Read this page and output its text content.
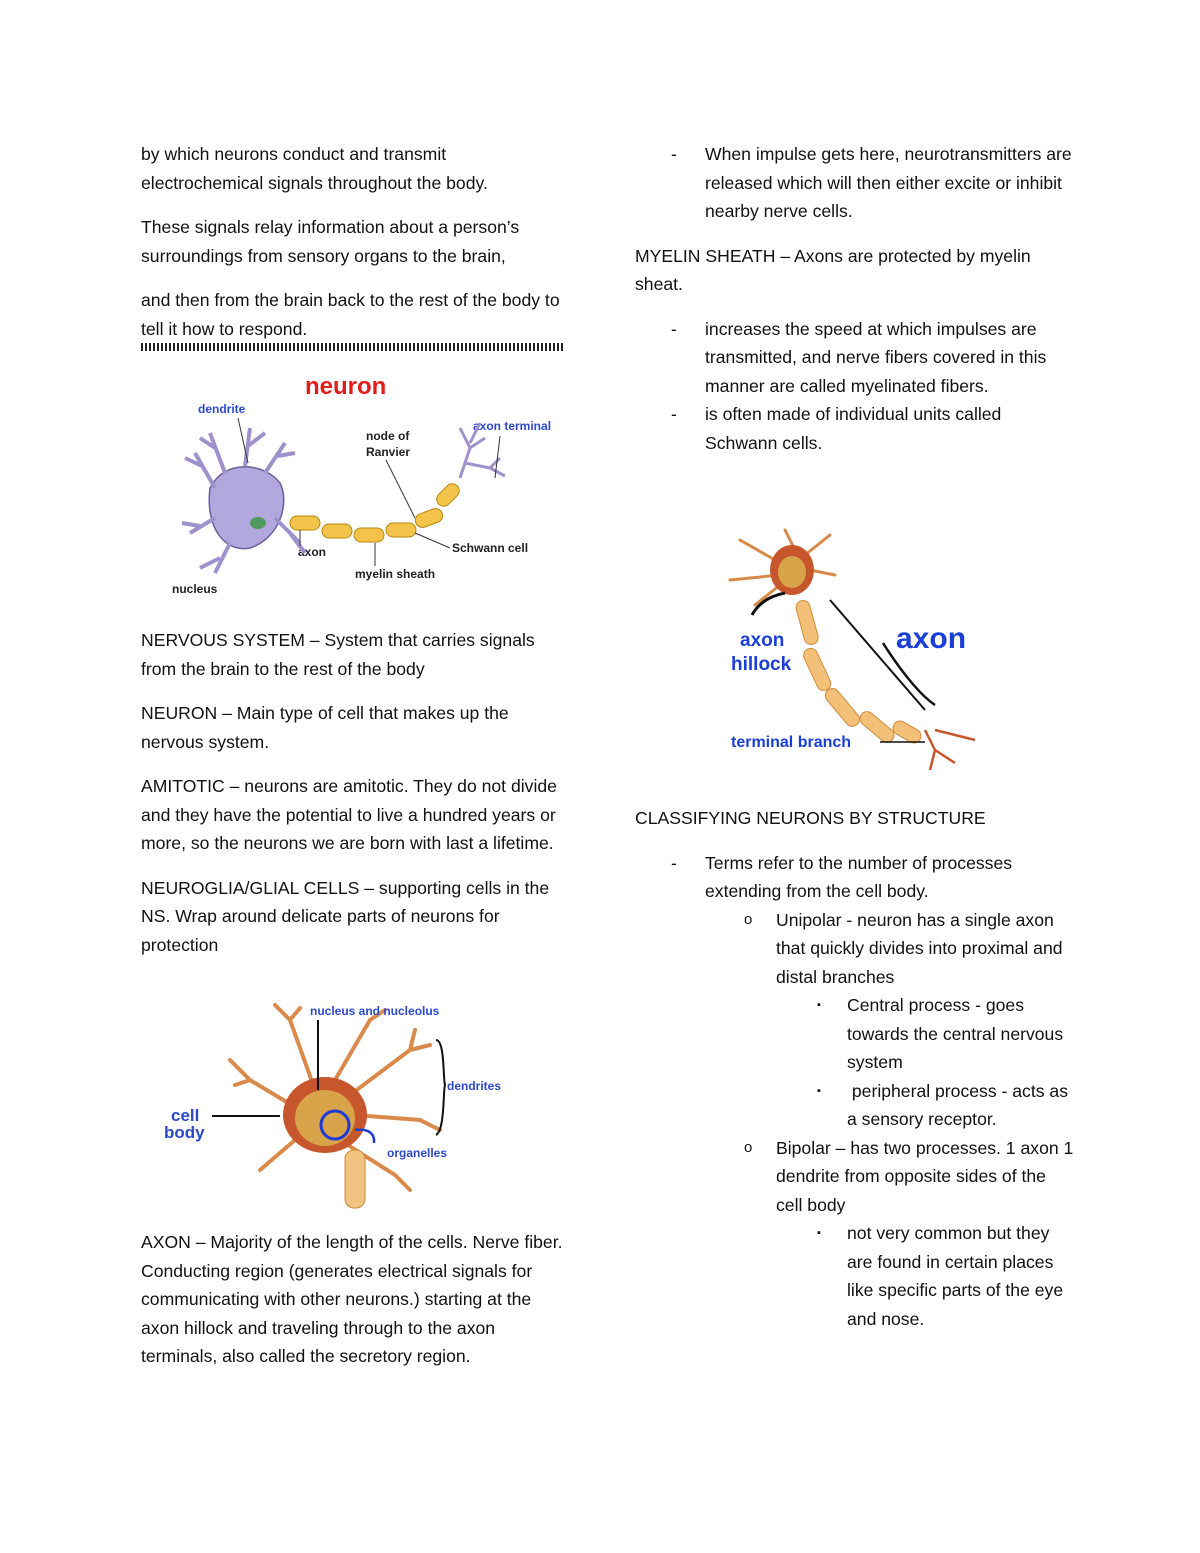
by which neurons conduct and transmit electrochemical signals throughout the body.

These signals relay information about a person’s surroundings from sensory organs to the brain,

and then from the brain back to the rest of the body to tell it how to respond.

neuron
dendrite
axon terminal
node of
Ranvier
axon	Schwann cell
myelin sheath
nucleus

NERVOUS SYSTEM – System that carries signals from the brain to the rest of the body

NEURON – Main type of cell that makes up the nervous system.

AMITOTIC – neurons are amitotic. They do not divide and they have the potential to live a hundred years or more, so the neurons we are born with last a lifetime.

NEUROGLIA/GLIAL CELLS – supporting cells in the NS. Wrap around delicate parts of neurons for protection

nucleus and nucleolus
dendrites
cell
body
organelles

AXON – Majority of the length of the cells. Nerve fiber. Conducting region (generates electrical signals for communicating with other neurons.) starting at the axon hillock and traveling through to the axon terminals, also called the secretory region.

- When impulse gets here, neurotransmitters are released which will then either excite or inhibit nearby nerve cells.

MYELIN SHEATH – Axons are protected by myelin sheat.

- increases the speed at which impulses are transmitted, and nerve fibers covered in this manner are called myelinated fibers.
- is often made of individual units called Schwann cells.
axon
hillock
axon
terminal branch

CLASSIFYING NEURONS BY STRUCTURE

- Terms refer to the number of processes extending from the cell body.
o Unipolar - neuron has a single axon that quickly divides into proximal and distal branches
▪ Central process - goes towards the central nervous system
▪ peripheral process - acts as a sensory receptor.
o Bipolar – has two processes. 1 axon 1 dendrite from opposite sides of the cell body
▪ not very common but they are found in certain places like specific parts of the eye and nose.
